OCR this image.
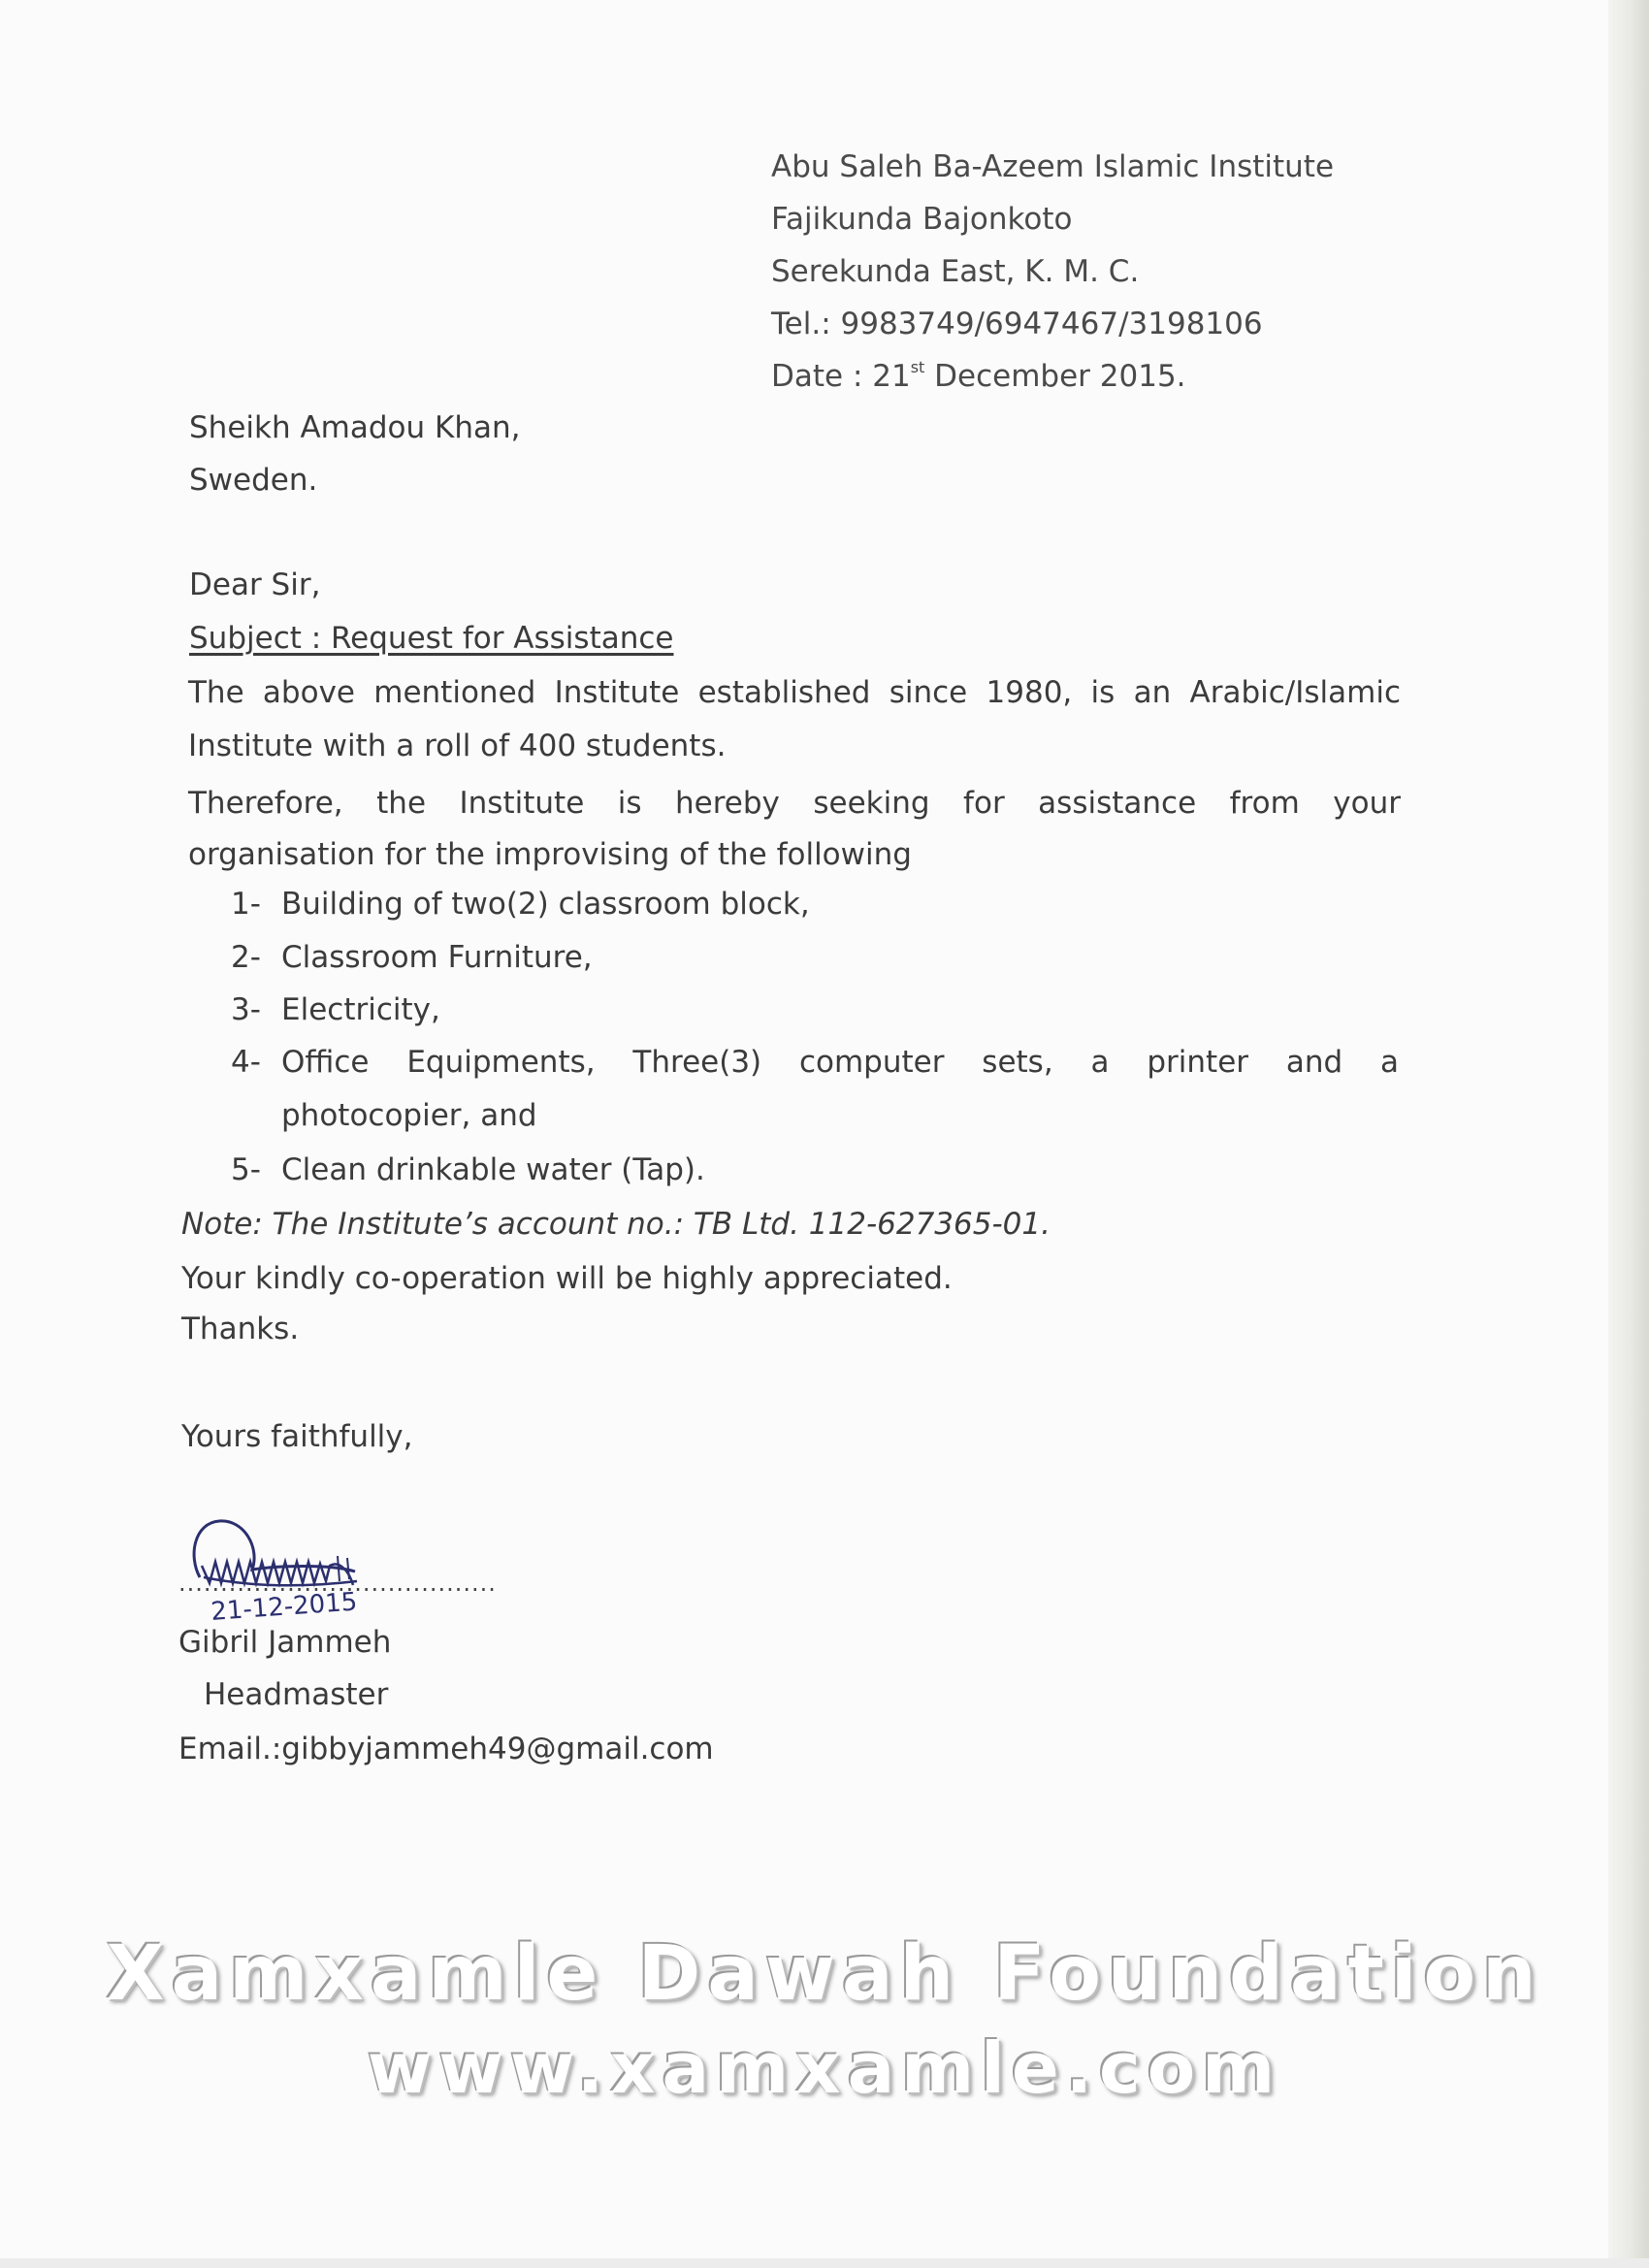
Abu Saleh Ba-Azeem Islamic Institute
Fajikunda Bajonkoto
Serekunda East, K. M. C.
Tel.: 9983749/6947467/3198106
Date : 21st December 2015.
Sheikh Amadou Khan,
Sweden.
Dear Sir,
Subject : Request for Assistance
The above mentioned Institute established since 1980, is an Arabic/Islamic
Institute with a roll of 400 students.
Therefore, the Institute is hereby seeking for assistance from your
organisation for the improvising of the following
1- Building of two(2) classroom block,
2- Classroom Furniture,
3- Electricity,
4- Office Equipments, Three(3) computer sets, a printer and a
photocopier, and
5- Clean drinkable water (Tap).
Note: The Institute’s account no.: TB Ltd. 112-627365-01.
Your kindly co-operation will be highly appreciated.
Thanks.
Yours faithfully,
21-12-2015
......................................
Gibril Jammeh
Headmaster
Email.:gibbyjammeh49@gmail.com
Xamxamle Dawah Foundation
www.xamxamle.com
